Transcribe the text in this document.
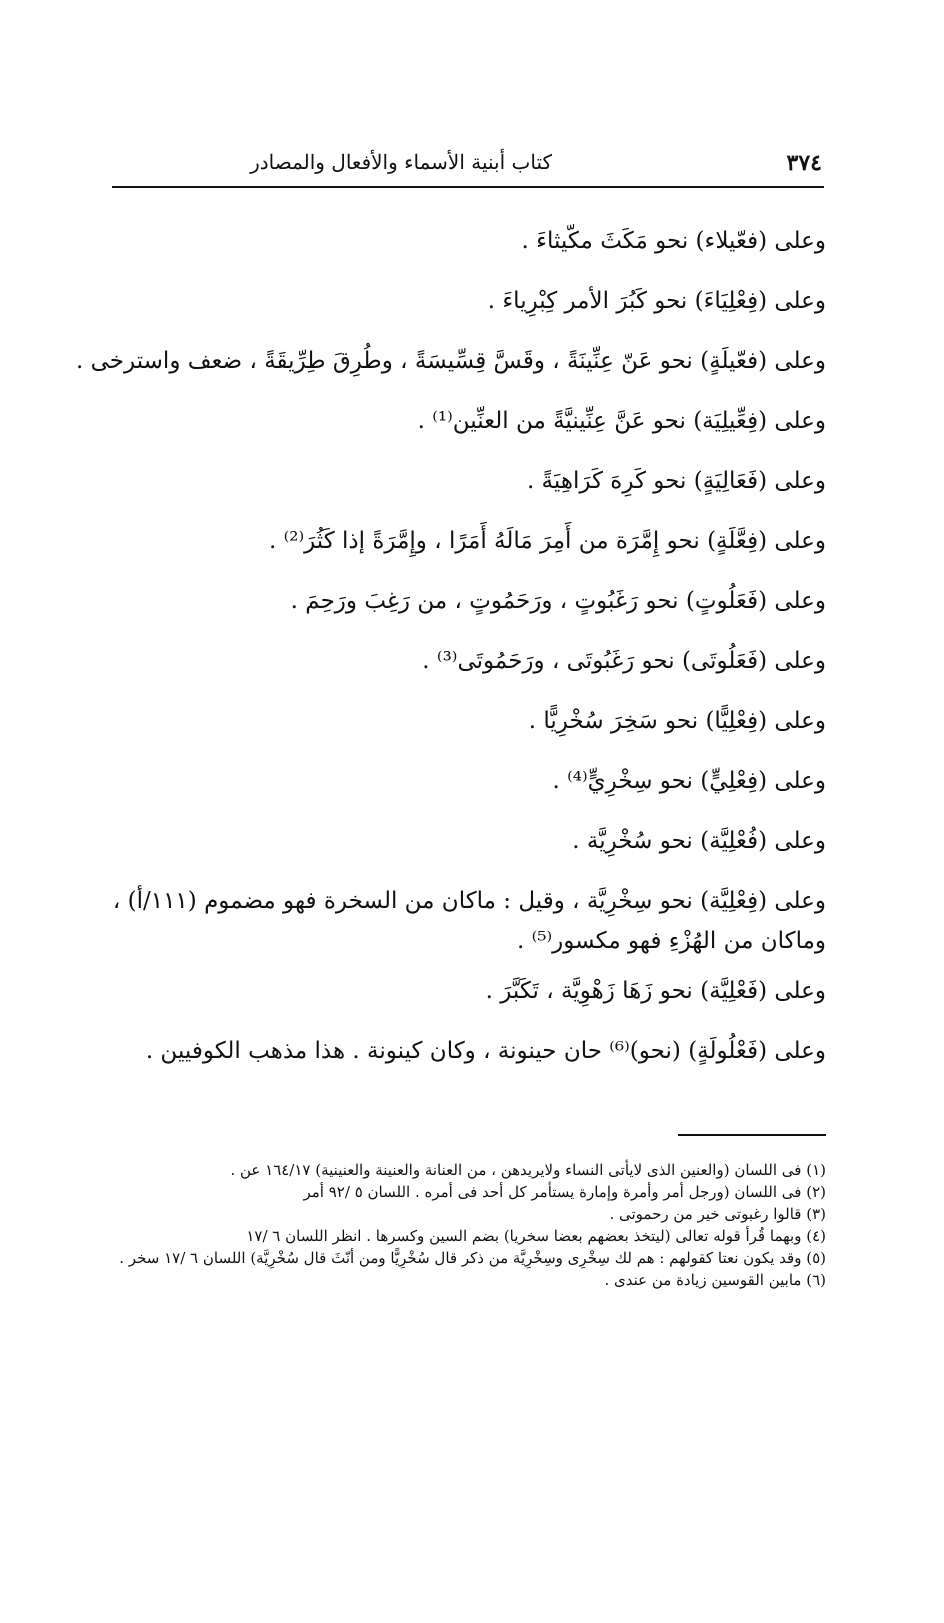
٣٧٤
كتاب أبنية الأسماء والأفعال والمصادر
وعلى (فعّيلاء) نحو مَكَثَ مكّيثاءَ .
وعلى (فِعْلِيَاءَ) نحو كَبُرَ الأمر كِبْرِياءَ .
وعلى (فعّيلَةٍ) نحو عَنّ عِنِّينَةً ، وقَسَّ قِسِّيسَةً ، وطُرِقَ طِرِّيقَةً ، ضعف واسترخى .
وعلى (فِعِّيلِيَة) نحو عَنَّ عِنِّينيَّةً من العنِّين⁽¹⁾ .
وعلى (فَعَالِيَةٍ) نحو كَرِهَ كَرَاهِيَةً .
وعلى (فِعَّلَةٍ) نحو إِمَّرَة من أَمِرَ مَالَهُ أَمَرًا ، وإِمَّرَةً إذا كَثُرَ⁽²⁾ .
وعلى (فَعَلُوتٍ) نحو رَغَبُوتٍ ، ورَحَمُوتٍ ، من رَغِبَ ورَحِمَ .
وعلى (فَعَلُوتَى) نحو رَغَبُوتَى ، ورَحَمُوتَى⁽³⁾ .
وعلى (فِعْلِيًّا) نحو سَخِرَ سُخْرِيًّا .
وعلى (فِعْلِيٍّ) نحو سِخْرِيٍّ⁽⁴⁾ .
وعلى (فُعْلِيَّة) نحو سُخْرِيَّة .
وعلى (فِعْلِيَّة) نحو سِخْرِيَّة ، وقيل : ماكان من السخرة فهو مضموم (١١١/أ) ،
وماكان من الهُزْءِ فهو مكسور⁽⁵⁾ .
وعلى (فَعْلِيَّة) نحو زَهَا زَهْوِيَّة ، تَكَبَّرَ .
وعلى (فَعْلُولَةٍ) (نحو)⁽⁶⁾ حان حينونة ، وكان كينونة . هذا مذهب الكوفيين .
(١) فى اللسان (والعنين الذى لايأتى النساء ولايريدهن ، من العنانة والعنينة والعنينية) ١٦٤/١٧ عن .
(٢) فى اللسان (ورجل أمر وأمرة وإمارة يستأمر كل أحد فى أمره . اللسان ٥ /٩٢ أمر
(٣) قالوا رغبوتى خير من رحموتى .
(٤) وبهما قُرأ قوله تعالى (ليتخذ بعضهم بعضا سخريا) بضم السين وكسرها . انظر اللسان ٦ /١٧
(٥) وقد يكون نعتا كقولهم : هم لك سِخْرِى وسِخْرِيَّة من ذكر قال سُخْرِيًّا ومن أنّثَ قال سُخْرِيَّة) اللسان ٦ /١٧ سخر .
(٦) مابين القوسين زيادة من عندى .
